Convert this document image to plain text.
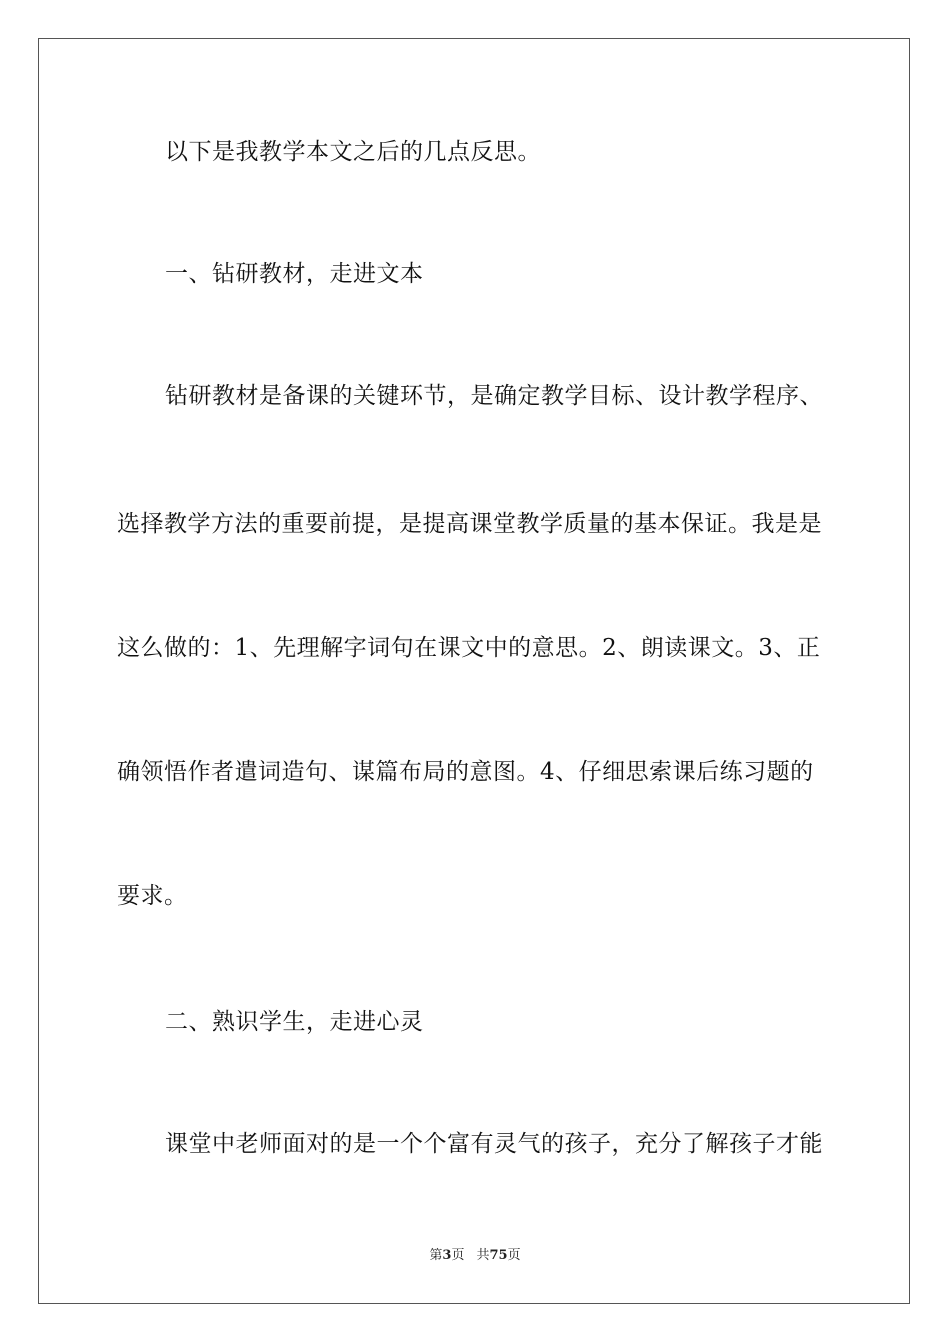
以下是我教学本文之后的几点反思。
一、钻研教材，走进文本
钻研教材是备课的关键环节，是确定教学目标、设计教学程序、
选择教学方法的重要前提，是提高课堂教学质量的基本保证。我是是
这么做的：1、先理解字词句在课文中的意思。2、朗读课文。3、正
确领悟作者遣词造句、谋篇布局的意图。4、仔细思索课后练习题的
要求。
二、熟识学生，走进心灵
课堂中老师面对的是一个个富有灵气的孩子，充分了解孩子才能
第3页 共75页
